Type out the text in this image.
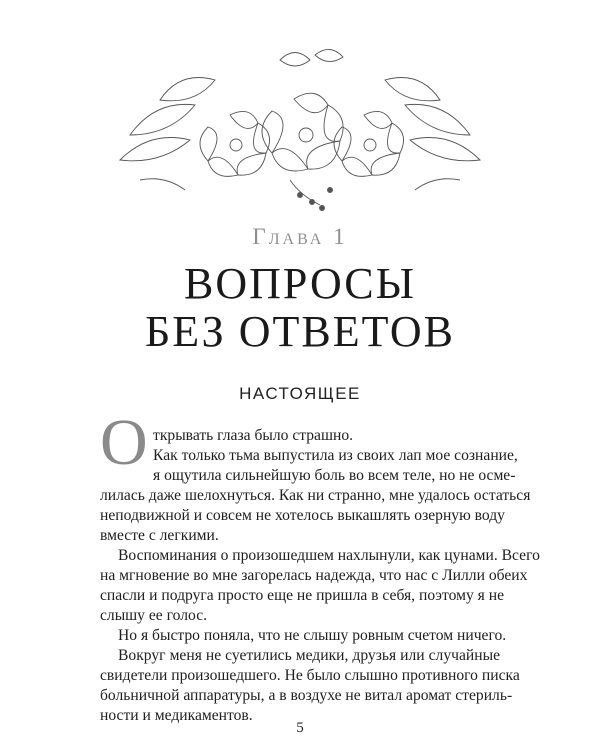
Глава 1
ВОПРОСЫ
БЕЗ ОТВЕТОВ
НАСТОЯЩЕЕ
О ткрывать глаза было страшно.
Как только тьма выпустила из своих лап мое сознание,
я ощутила сильнейшую боль во всем теле, но не осме-
лилась даже шелохнуться. Как ни странно, мне удалось остаться
неподвижной и совсем не хотелось выкашлять озерную воду
вместе с легкими.
Воспоминания о произошедшем нахлынули, как цунами. Всего
на мгновение во мне загорелась надежда, что нас с Лилли обеих
спасли и подруга просто еще не пришла в себя, поэтому я не
слышу ее голос.
Но я быстро поняла, что не слышу ровным счетом ничего.
Вокруг меня не суетились медики, друзья или случайные
свидетели произошедшего. Не было слышно противного писка
больничной аппаратуры, а в воздухе не витал аромат стериль-
ности и медикаментов.
5
